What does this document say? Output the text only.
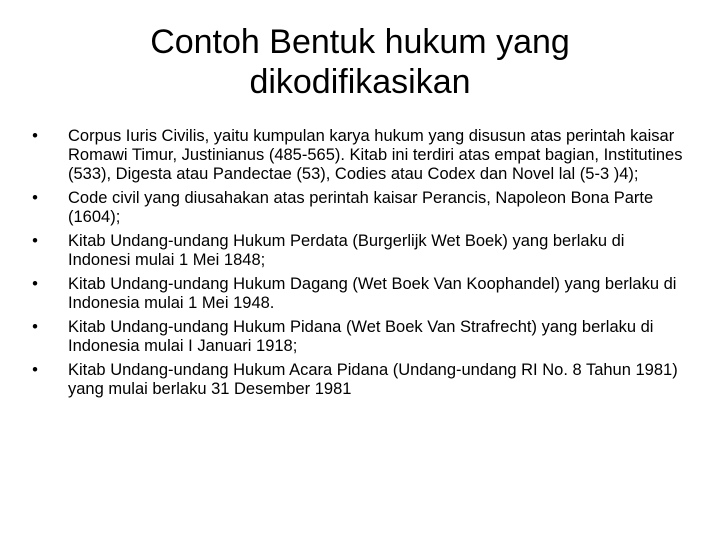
Contoh Bentuk hukum yang
dikodifikasikan
• Corpus Iuris Civilis, yaitu kumpulan karya hukum yang disusun atas perintah kaisar Romawi Timur, Justinianus (485-565). Kitab ini terdiri atas empat bagian, Institutines (533), Digesta atau Pandectae (53), Codies atau Codex dan Novel lal (5-3 )4);
• Code civil yang diusahakan atas perintah kaisar Perancis, Napoleon Bona Parte (1604);
• Kitab Undang-undang Hukum Perdata (Burgerlijk Wet Boek) yang berlaku di Indonesi mulai 1 Mei 1848;
• Kitab Undang-undang Hukum Dagang (Wet Boek Van Koophandel) yang berlaku di Indonesia mulai 1 Mei 1948.
• Kitab Undang-undang Hukum Pidana (Wet Boek Van Strafrecht) yang berlaku di Indonesia mulai I Januari 1918;
• Kitab Undang-undang Hukum Acara Pidana (Undang-undang RI No. 8 Tahun 1981) yang mulai berlaku 31 Desember 1981
